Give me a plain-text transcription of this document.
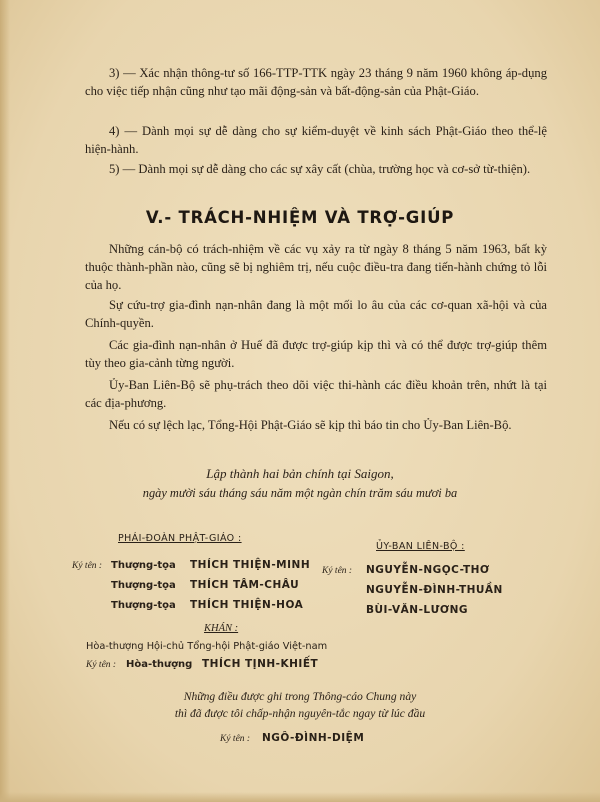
3) — Xác nhận thông-tư số 166-TTP-TTK ngày 23 tháng 9 năm 1960 không áp-dụng cho việc tiếp nhận cũng như tạo mãi động-sản và bất-động-sản của Phật-Giáo.

4) — Dành mọi sự dễ dàng cho sự kiểm-duyệt về kinh sách Phật-Giáo theo thể-lệ hiện-hành.

5) — Dành mọi sự dễ dàng cho các sự xây cất (chùa, trường học và cơ-sở từ-thiện).

V.- TRÁCH-NHIỆM VÀ TRỢ-GIÚP

Những cán-bộ có trách-nhiệm về các vụ xảy ra từ ngày 8 tháng 5 năm 1963, bất kỳ thuộc thành-phần nào, cũng sẽ bị nghiêm trị, nếu cuộc điều-tra đang tiến-hành chứng tỏ lỗi của họ.

Sự cứu-trợ gia-đình nạn-nhân đang là một mối lo âu của các cơ-quan xã-hội và của Chính-quyền.

Các gia-đình nạn-nhân ở Huế đã được trợ-giúp kịp thì và có thể được trợ-giúp thêm tùy theo gia-cảnh từng người.

Ủy-Ban Liên-Bộ sẽ phụ-trách theo dõi việc thi-hành các điều khoản trên, nhứt là tại các địa-phương.

Nếu có sự lệch lạc, Tổng-Hội Phật-Giáo sẽ kịp thì báo tin cho Ủy-Ban Liên-Bộ.

Lập thành hai bản chính tại Saigon,

ngày mười sáu tháng sáu năm một ngàn chín trăm sáu mươi ba

PHÁI-ĐOÀN PHẬT-GIÁO :
Ký tên : Thượng-tọa THÍCH THIỆN-MINH
Thượng-tọa THÍCH TÂM-CHÂU
Thượng-tọa THÍCH THIỆN-HOA
ỦY-BAN LIÊN-BỘ :
Ký tên : NGUYỄN-NGỌC-THƠ
NGUYỄN-ĐÌNH-THUẦN
BÙI-VĂN-LƯƠNG
KHÁN :
Hòa-thượng Hội-chủ Tổng-hội Phật-giáo Việt-nam
Ký tên : Hòa-thượng THÍCH TỊNH-KHIẾT

Những điều được ghi trong Thông-cáo Chung này

thì đã được tôi chấp-nhận nguyên-tắc ngay từ lúc đầu

Ký tên : NGÔ-ĐÌNH-DIỆM
